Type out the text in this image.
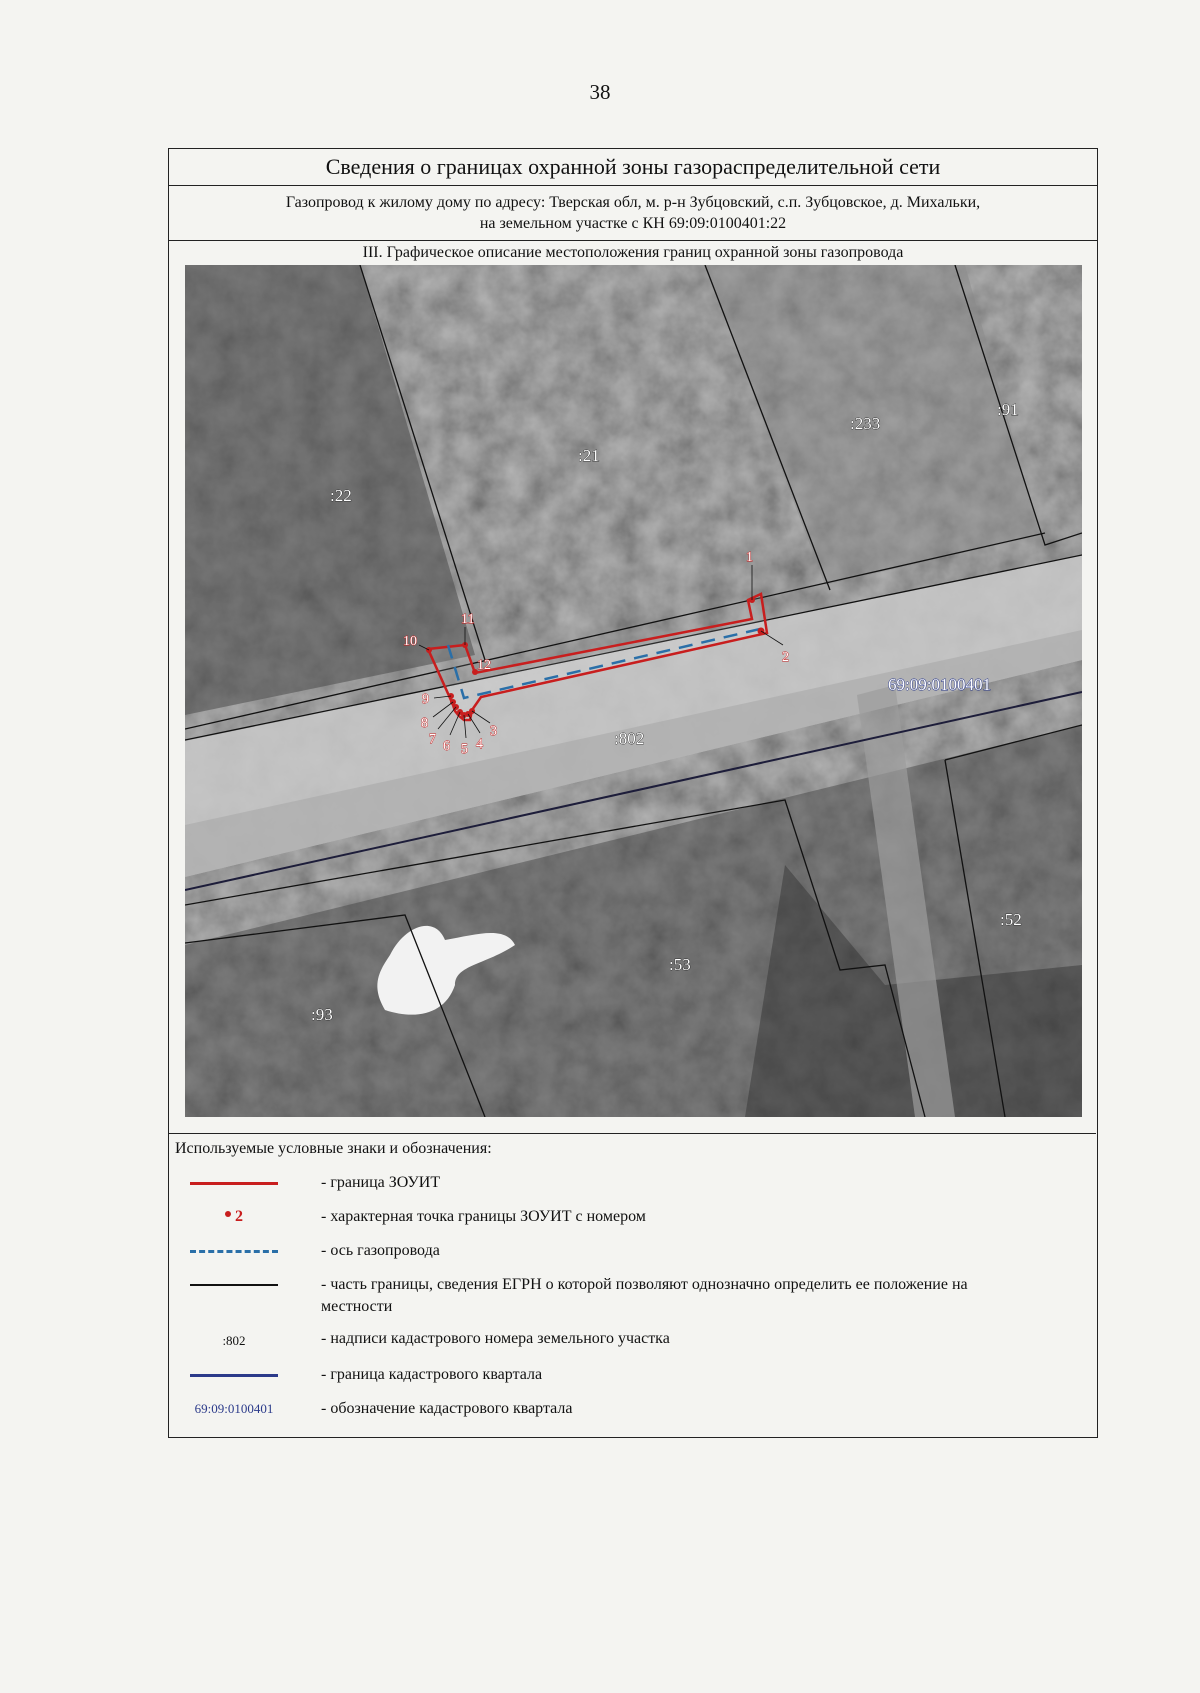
38
Сведения о границах охранной зоны газораспределительной сети
Газопровод к жилому дому по адресу: Тверская обл, м. р-н Зубцовский, с.п. Зубцовское, д. Михальки,
на земельном участке с КН 69:09:0100401:22
III. Графическое описание местоположения границ охранной зоны газопровода
1
2
3
4
5
6
7
8
9
10
11
12
:22
:21
:233
:91
:802
:53
:52
:93
69:09:0100401
Используемые условные знаки и обозначения:
- граница ЗОУИТ
2	- характерная точка границы ЗОУИТ с номером
- ось газопровода
- часть границы, сведения ЕГРН о которой позволяют однозначно определить ее положение на местности
:802	- надписи кадастрового номера земельного участка
- граница кадастрового квартала
69:09:0100401	- обозначение кадастрового квартала
